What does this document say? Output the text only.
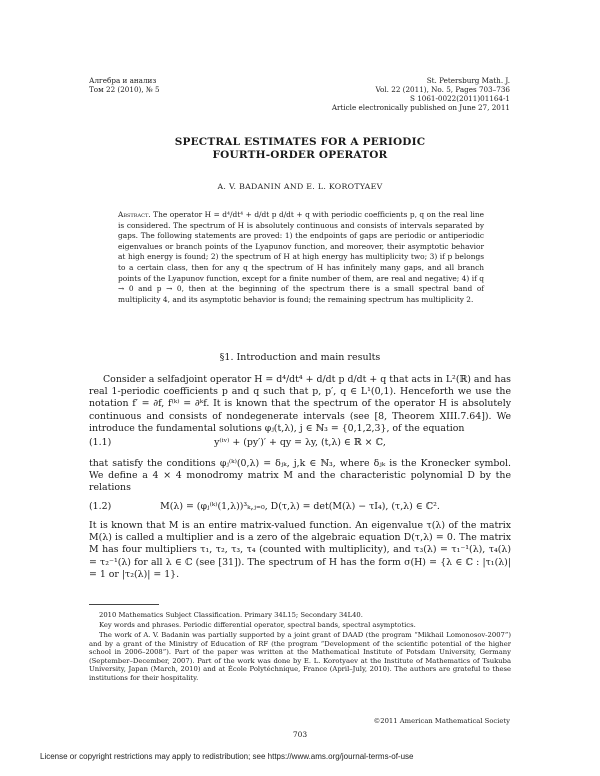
Алгебра и анализ
Том 22 (2010), № 5
St. Petersburg Math. J.
Vol. 22 (2011), No. 5, Pages 703–736
S 1061-0022(2011)01164-1
Article electronically published on June 27, 2011
SPECTRAL ESTIMATES FOR A PERIODIC
FOURTH-ORDER OPERATOR
A. V. BADANIN AND E. L. KOROTYAEV
Abstract. The operator H = d⁴/dt⁴ + d/dt p d/dt + q with periodic coefficients p, q on the real line is considered. The spectrum of H is absolutely continuous and consists of intervals separated by gaps. The following statements are proved: 1) the endpoints of gaps are periodic or antiperiodic eigenvalues or branch points of the Lyapunov function, and moreover, their asymptotic behavior at high energy is found; 2) the spectrum of H at high energy has multiplicity two; 3) if p belongs to a certain class, then for any q the spectrum of H has infinitely many gaps, and all branch points of the Lyapunov function, except for a finite number of them, are real and negative; 4) if q → 0 and p → 0, then at the beginning of the spectrum there is a small spectral band of multiplicity 4, and its asymptotic behavior is found; the remaining spectrum has multiplicity 2.
§1. Introduction and main results
Consider a selfadjoint operator H = d⁴/dt⁴ + d/dt p d/dt + q that acts in L²(ℝ) and has real 1-periodic coefficients p and q such that p, p′, q ∈ L¹(0,1). Henceforth we use the notation f′ = ∂f, f⁽ᵏ⁾ = ∂ᵏf. It is known that the spectrum of the operator H is absolutely continuous and consists of nondegenerate intervals (see [8, Theorem XIII.7.64]). We introduce the fundamental solutions φⱼ(t,λ), j ∈ ℕ₃ = {0,1,2,3}, of the equation
(1.1)	y⁽ⁱᵛ⁾ + (py′)′ + qy = λy, (t,λ) ∈ ℝ × ℂ,
that satisfy the conditions φⱼ⁽ᵏ⁾(0,λ) = δⱼₖ, j,k ∈ ℕ₃, where δⱼₖ is the Kronecker symbol. We define a 4 × 4 monodromy matrix M and the characteristic polynomial D by the relations
(1.2)	M(λ) = (φⱼ⁽ᵏ⁾(1,λ))³ₖ,ⱼ₌₀, D(τ,λ) = det(M(λ) − τI₄), (τ,λ) ∈ ℂ².
It is known that M is an entire matrix-valued function. An eigenvalue τ(λ) of the matrix M(λ) is called a multiplier and is a zero of the algebraic equation D(τ,λ) = 0. The matrix M has four multipliers τ₁, τ₂, τ₃, τ₄ (counted with multiplicity), and τ₃(λ) = τ₁⁻¹(λ), τ₄(λ) = τ₂⁻¹(λ) for all λ ∈ ℂ (see [31]). The spectrum of H has the form σ(H) = {λ ∈ ℂ : |τ₁(λ)| = 1 or |τ₂(λ)| = 1}.
2010 Mathematics Subject Classification. Primary 34L15; Secondary 34L40.
Key words and phrases. Periodic differential operator, spectral bands, spectral asymptotics.
The work of A. V. Badanin was partially supported by a joint grant of DAAD (the program “Mikhail Lomonosov-2007”) and by a grant of the Ministry of Education of RF (the program “Development of the scientific potential of the higher school in 2006–2008”). Part of the paper was written at the Mathematical Institute of Potsdam University, Germany (September–December, 2007). Part of the work was done by E. L. Korotyaev at the Institute of Mathematics of Tsukuba University, Japan (March, 2010) and at École Polytéchnique, France (April–July, 2010). The authors are grateful to these institutions for their hospitality.
©2011 American Mathematical Society
703
License or copyright restrictions may apply to redistribution; see https://www.ams.org/journal-terms-of-use
